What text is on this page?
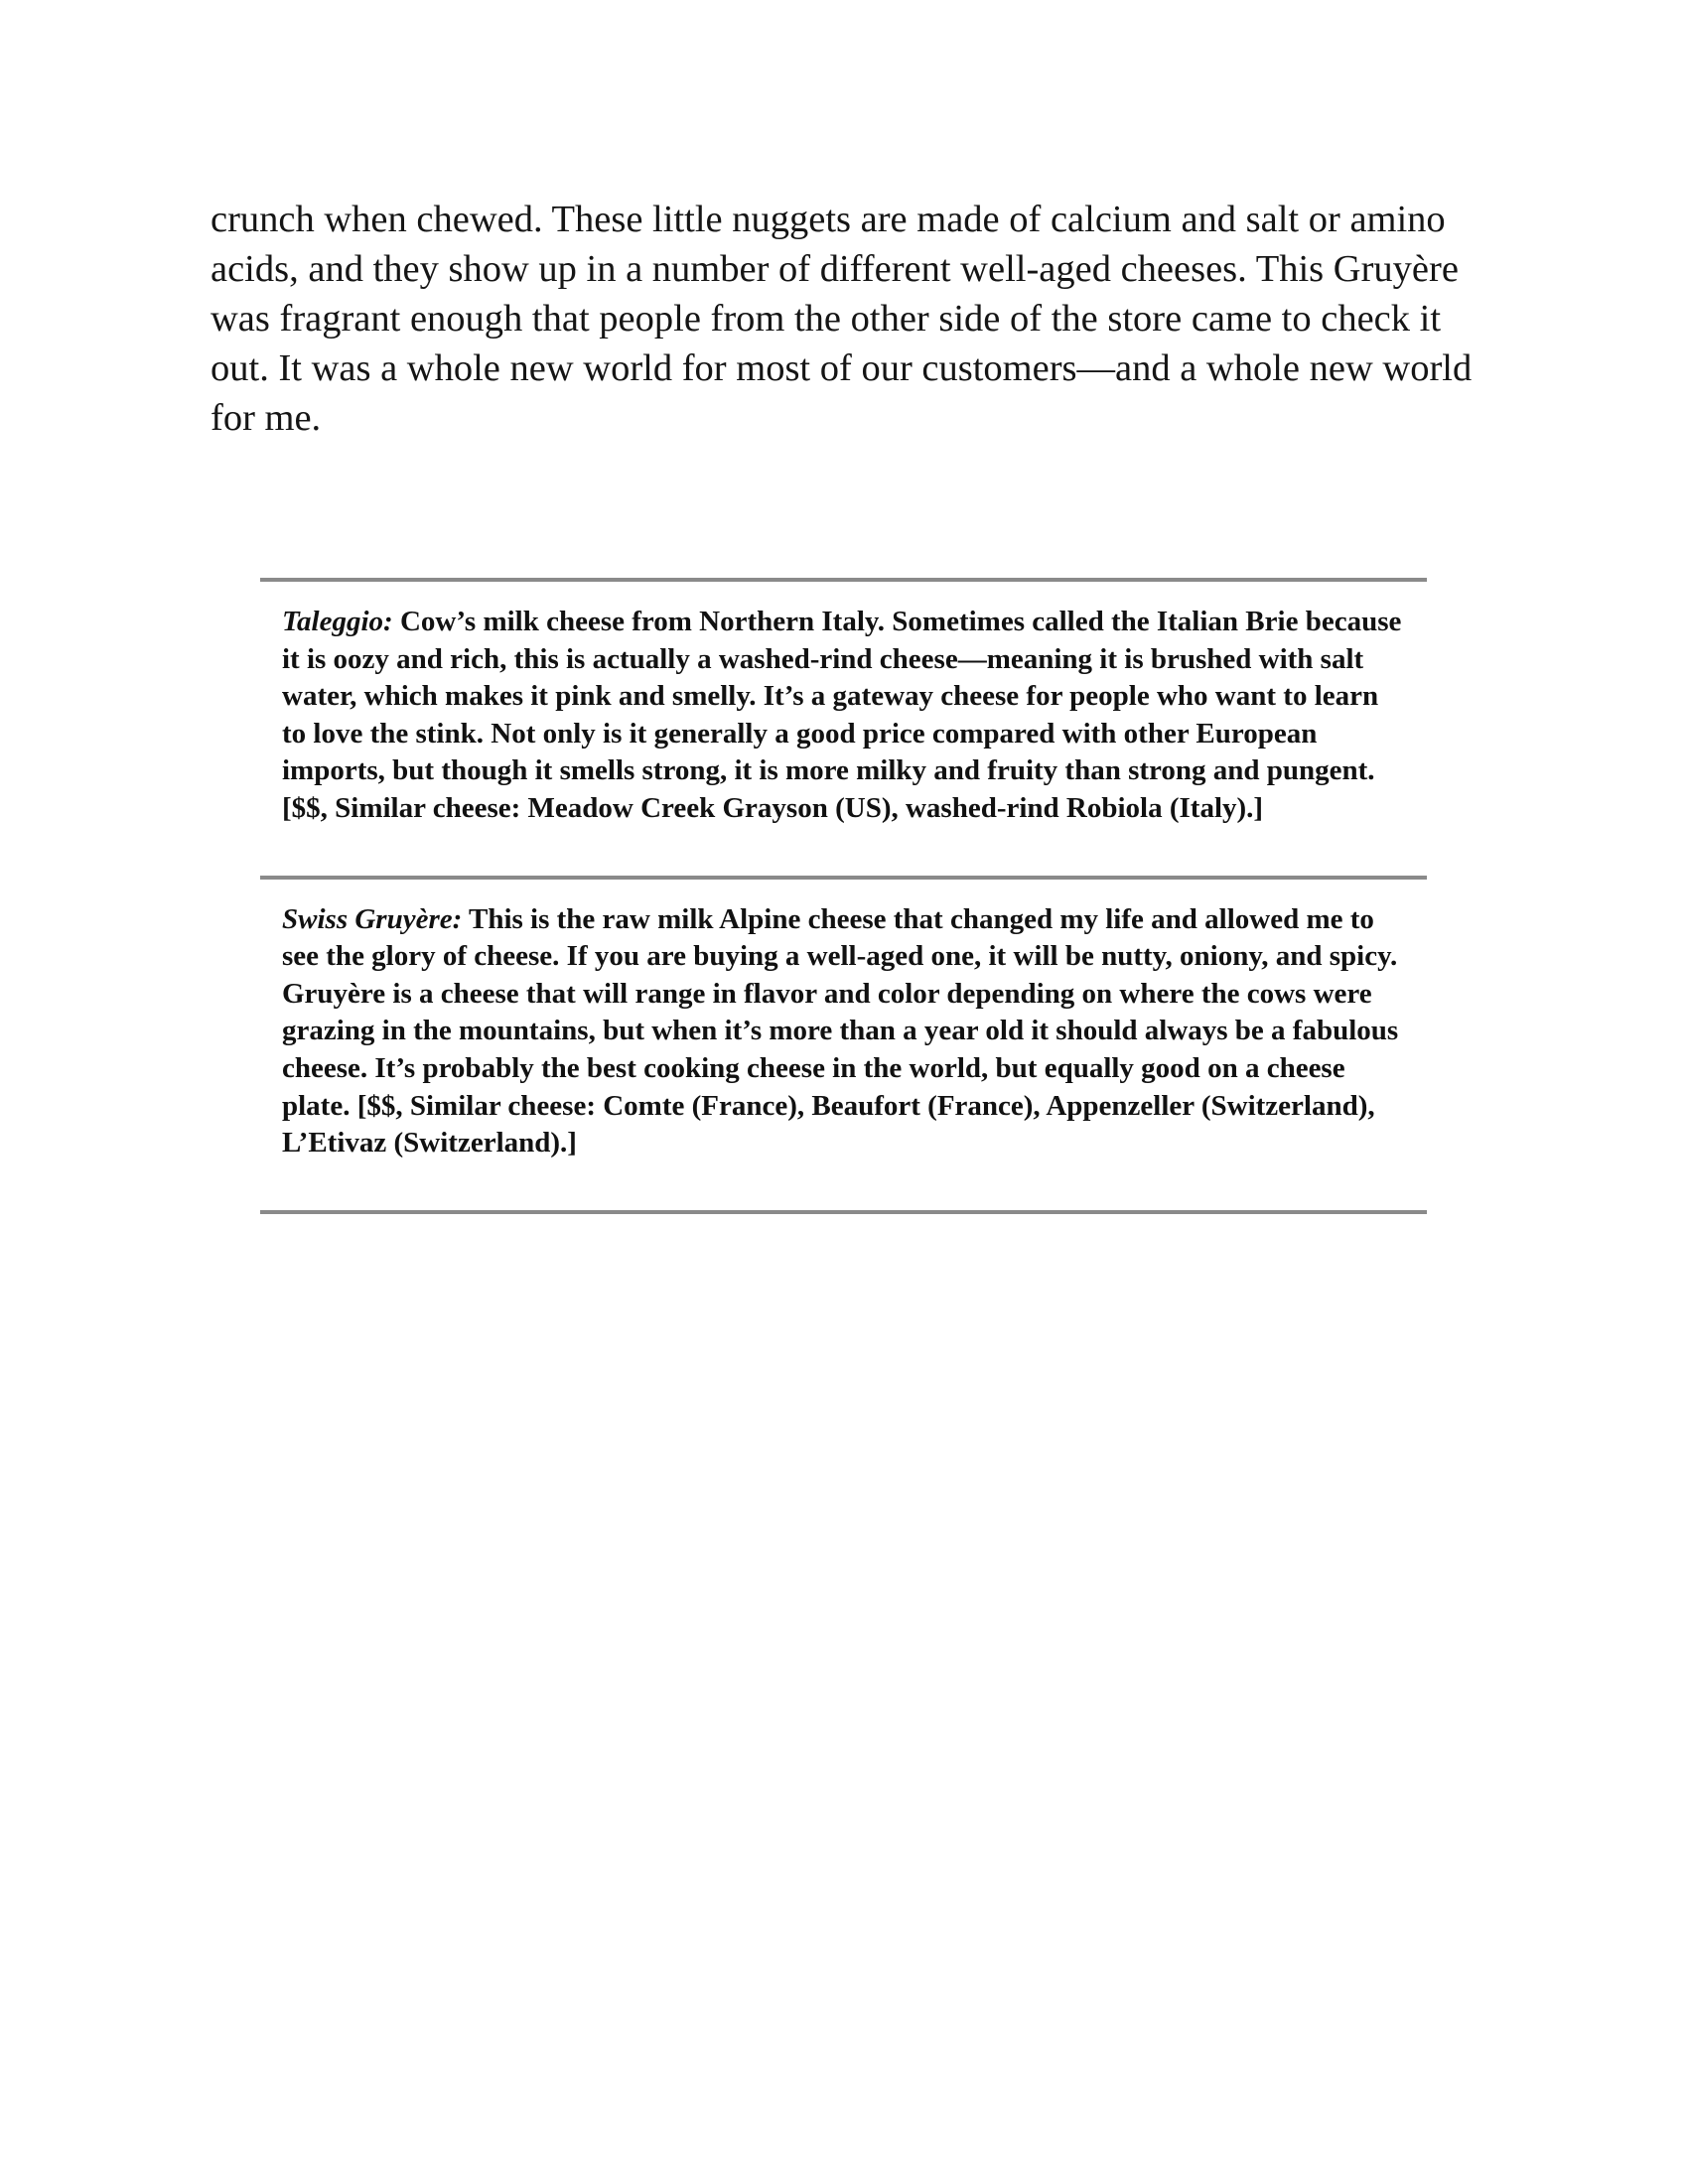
crunch when chewed. These little nuggets are made of calcium and salt or amino acids, and they show up in a number of different well-aged cheeses. This Gruyère was fragrant enough that people from the other side of the store came to check it out. It was a whole new world for most of our customers—and a whole new world for me.

Taleggio: Cow’s milk cheese from Northern Italy. Sometimes called the Italian Brie because it is oozy and rich, this is actually a washed-rind cheese—meaning it is brushed with salt water, which makes it pink and smelly. It’s a gateway cheese for people who want to learn to love the stink. Not only is it generally a good price compared with other European imports, but though it smells strong, it is more milky and fruity than strong and pungent. [$$, Similar cheese: Meadow Creek Grayson (US), washed-rind Robiola (Italy).]

Swiss Gruyère: This is the raw milk Alpine cheese that changed my life and allowed me to see the glory of cheese. If you are buying a well-aged one, it will be nutty, oniony, and spicy. Gruyère is a cheese that will range in flavor and color depending on where the cows were grazing in the mountains, but when it’s more than a year old it should always be a fabulous cheese. It’s probably the best cooking cheese in the world, but equally good on a cheese plate. [$$, Similar cheese: Comte (France), Beaufort (France), Appenzeller (Switzerland), L’Etivaz (Switzerland).]
